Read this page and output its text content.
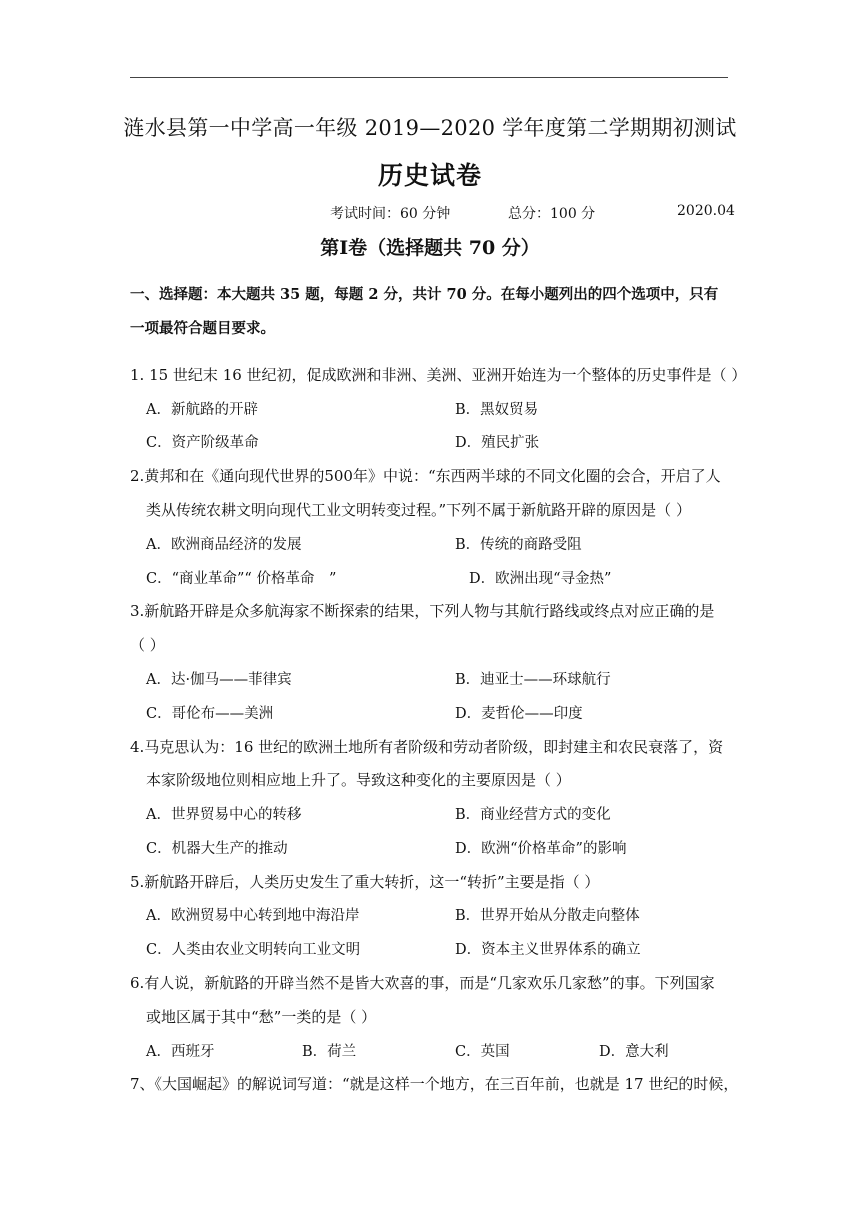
涟水县第一中学高一年级 2019—2020 学年度第二学期期初测试
历史试卷
考试时间：60 分钟	总分：100 分	2020.04
第Ⅰ卷（选择题共 70 分）
一、选择题：本大题共 35 题，每题 2 分，共计 70 分。在每小题列出的四个选项中，只有
一项最符合题目要求。
1. 15 世纪末 16 世纪初，促成欧洲和非洲、美洲、亚洲开始连为一个整体的历史事件是（ ）
A．新航路的开辟	B．黑奴贸易
C．资产阶级革命	D．殖民扩张
2.黄邦和在《通向现代世界的500年》中说：“东西两半球的不同文化圈的会合，开启了人
类从传统农耕文明向现代工业文明转变过程。”下列不属于新航路开辟的原因是（ ）
A．欧洲商品经济的发展	B．传统的商路受阻
C．“商业革命”“ 价格革命　”	D．欧洲出现“寻金热”
3.新航路开辟是众多航海家不断探索的结果，下列人物与其航行路线或终点对应正确的是
（ ）
A．达·伽马——菲律宾	B．迪亚士——环球航行
C．哥伦布——美洲	D．麦哲伦——印度
4.马克思认为：16 世纪的欧洲土地所有者阶级和劳动者阶级，即封建主和农民衰落了，资
本家阶级地位则相应地上升了。导致这种变化的主要原因是（ ）
A．世界贸易中心的转移	B．商业经营方式的变化
C．机器大生产的推动	D．欧洲“价格革命”的影响
5.新航路开辟后，人类历史发生了重大转折，这一“转折”主要是指（ ）
A．欧洲贸易中心转到地中海沿岸	B．世界开始从分散走向整体
C．人类由农业文明转向工业文明	D．资本主义世界体系的确立
6.有人说，新航路的开辟当然不是皆大欢喜的事，而是“几家欢乐几家愁”的事。下列国家
或地区属于其中“愁”一类的是（ ）
A．西班牙	B．荷兰	C．英国	D．意大利
7、《大国崛起》的解说词写道：“就是这样一个地方，在三百年前，也就是 17 世纪的时候，
